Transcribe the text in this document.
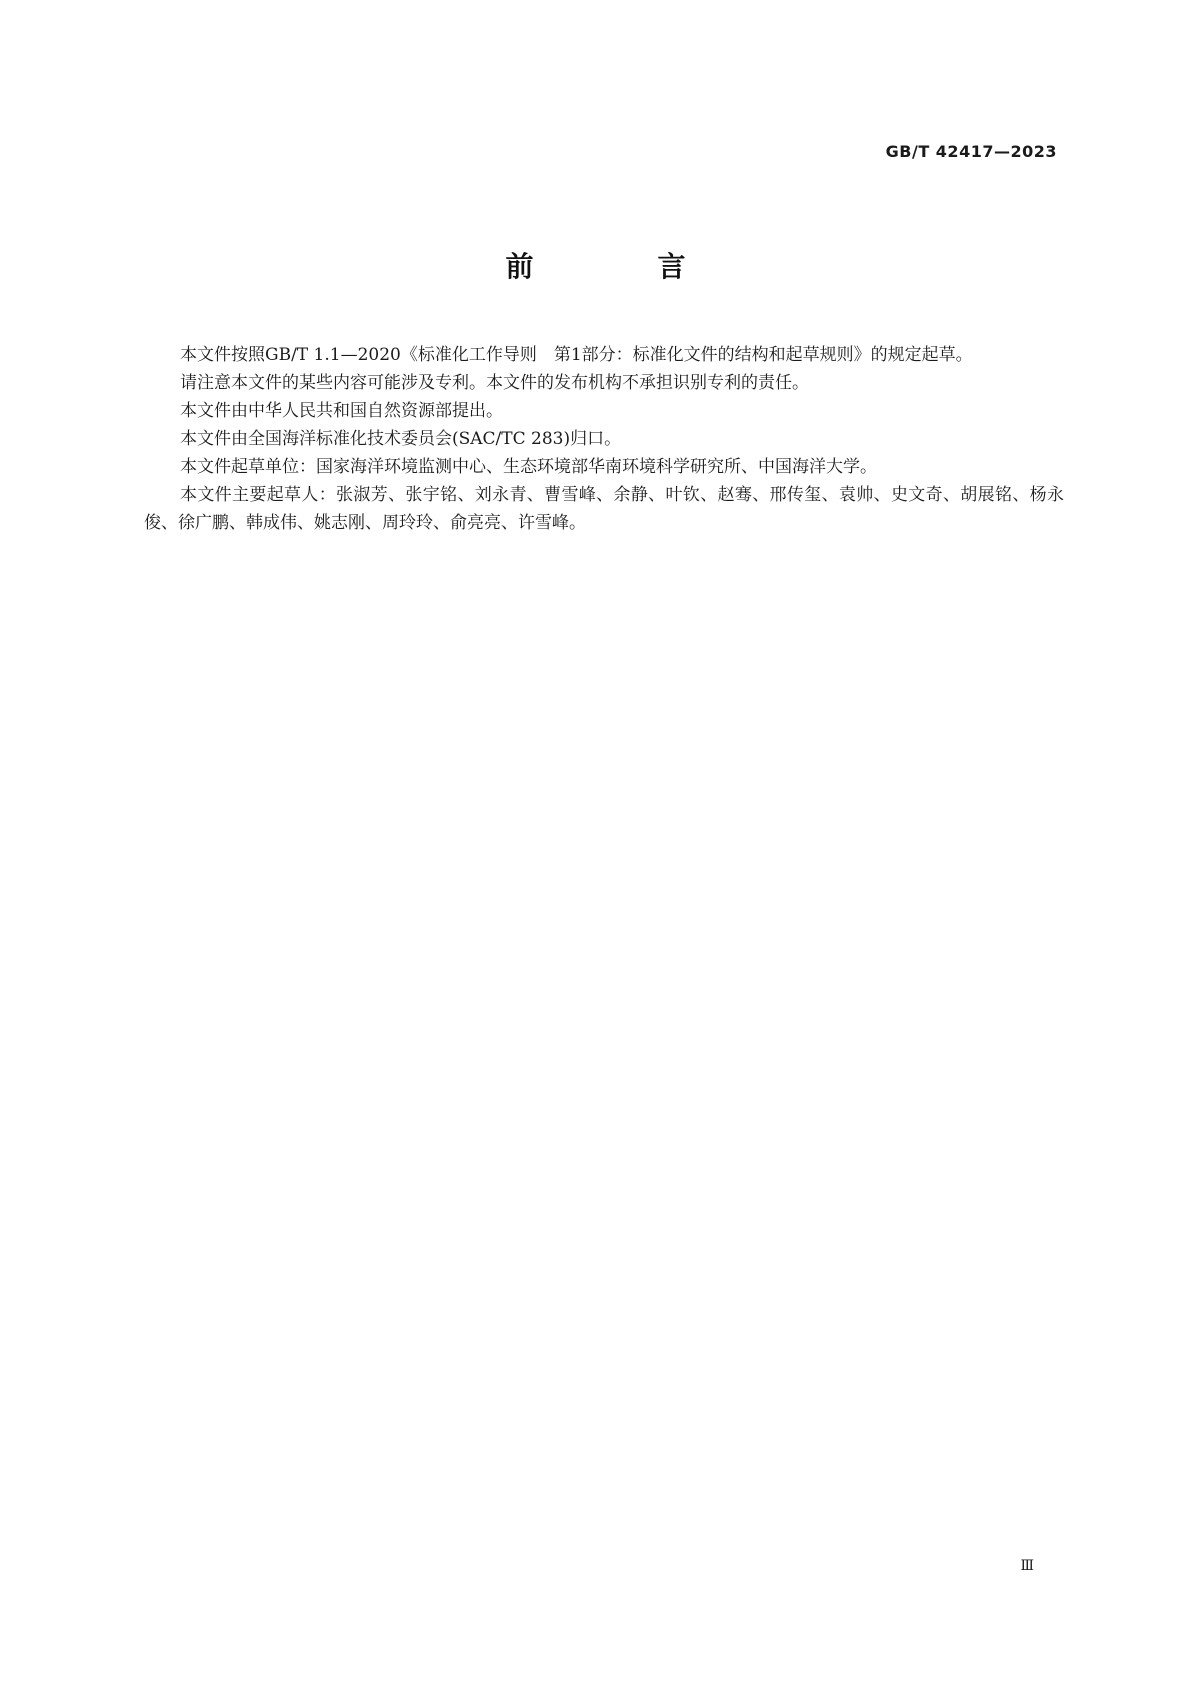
GB/T 42417—2023
前　言

本文件按照GB/T 1.1—2020《标准化工作导则　第1部分：标准化文件的结构和起草规则》的规定起草。

请注意本文件的某些内容可能涉及专利。本文件的发布机构不承担识别专利的责任。

本文件由中华人民共和国自然资源部提出。

本文件由全国海洋标准化技术委员会(SAC/TC 283)归口。

本文件起草单位：国家海洋环境监测中心、生态环境部华南环境科学研究所、中国海洋大学。

本文件主要起草人：张淑芳、张宇铭、刘永青、曹雪峰、余静、叶钦、赵骞、邢传玺、袁帅、史文奇、胡展铭、杨永俊、徐广鹏、韩成伟、姚志刚、周玲玲、俞亮亮、许雪峰。

Ⅲ
